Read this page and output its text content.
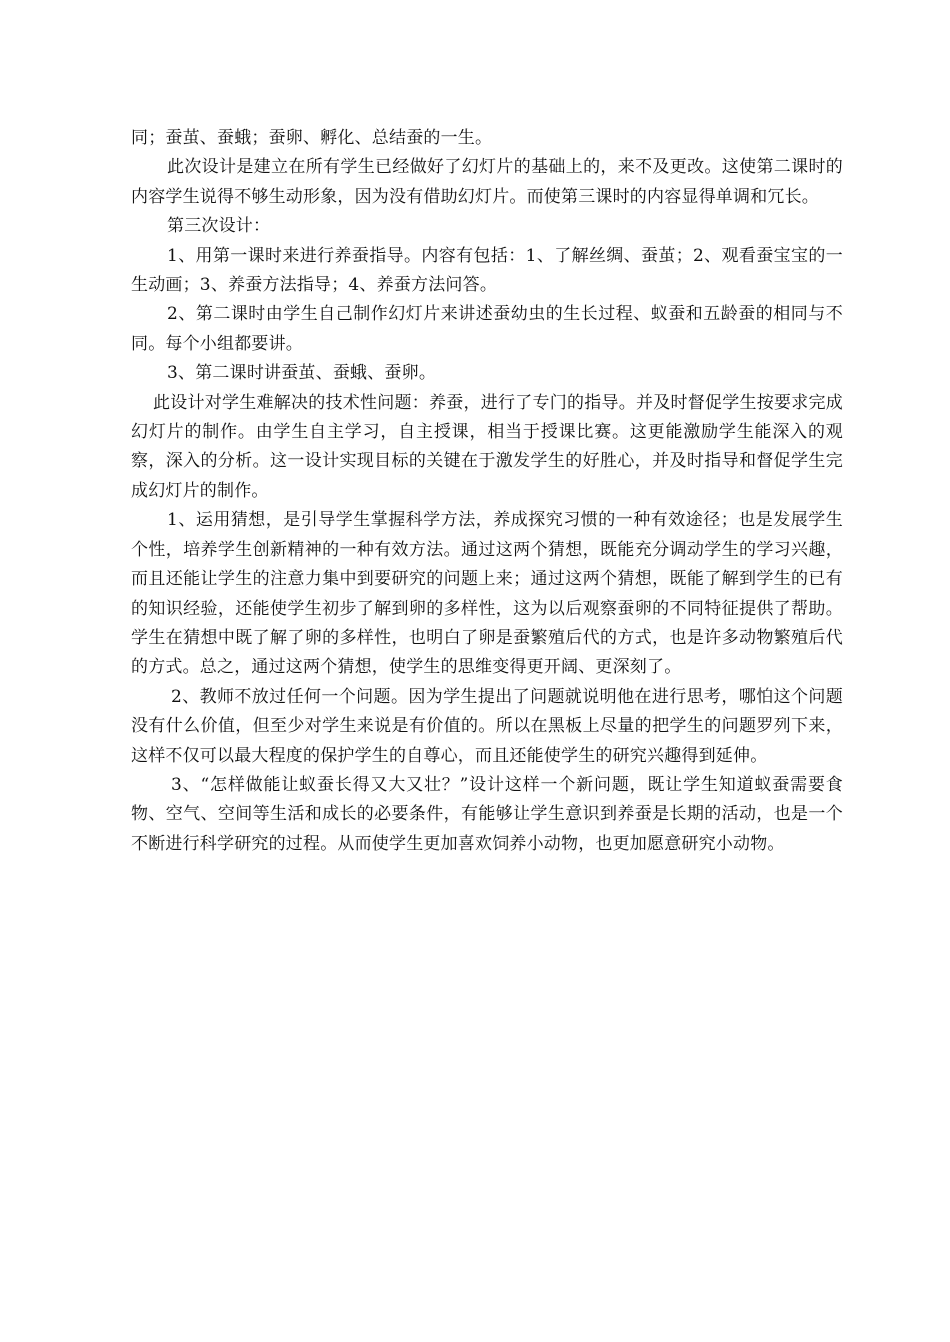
同；蚕茧、蚕蛾；蚕卵、孵化、总结蚕的一生。

此次设计是建立在所有学生已经做好了幻灯片的基础上的，来不及更改。这使第二课时的内容学生说得不够生动形象，因为没有借助幻灯片。而使第三课时的内容显得单调和冗长。

第三次设计：

1、用第一课时来进行养蚕指导。内容有包括：1、了解丝绸、蚕茧；2、观看蚕宝宝的一生动画；3、养蚕方法指导；4、养蚕方法问答。

2、第二课时由学生自己制作幻灯片来讲述蚕幼虫的生长过程、蚁蚕和五龄蚕的相同与不同。每个小组都要讲。

3、第二课时讲蚕茧、蚕蛾、蚕卵。

此设计对学生难解决的技术性问题：养蚕，进行了专门的指导。并及时督促学生按要求完成幻灯片的制作。由学生自主学习，自主授课，相当于授课比赛。这更能激励学生能深入的观察，深入的分析。这一设计实现目标的关键在于激发学生的好胜心，并及时指导和督促学生完成幻灯片的制作。

1、运用猜想，是引导学生掌握科学方法，养成探究习惯的一种有效途径；也是发展学生个性，培养学生创新精神的一种有效方法。通过这两个猜想，既能充分调动学生的学习兴趣，而且还能让学生的注意力集中到要研究的问题上来；通过这两个猜想，既能了解到学生的已有的知识经验，还能使学生初步了解到卵的多样性，这为以后观察蚕卵的不同特征提供了帮助。学生在猜想中既了解了卵的多样性，也明白了卵是蚕繁殖后代的方式，也是许多动物繁殖后代的方式。总之，通过这两个猜想，使学生的思维变得更开阔、更深刻了。

2、教师不放过任何一个问题。因为学生提出了问题就说明他在进行思考，哪怕这个问题没有什么价值，但至少对学生来说是有价值的。所以在黑板上尽量的把学生的问题罗列下来，这样不仅可以最大程度的保护学生的自尊心，而且还能使学生的研究兴趣得到延伸。

3、“怎样做能让蚁蚕长得又大又壮？”设计这样一个新问题，既让学生知道蚁蚕需要食物、空气、空间等生活和成长的必要条件，有能够让学生意识到养蚕是长期的活动，也是一个不断进行科学研究的过程。从而使学生更加喜欢饲养小动物，也更加愿意研究小动物。
